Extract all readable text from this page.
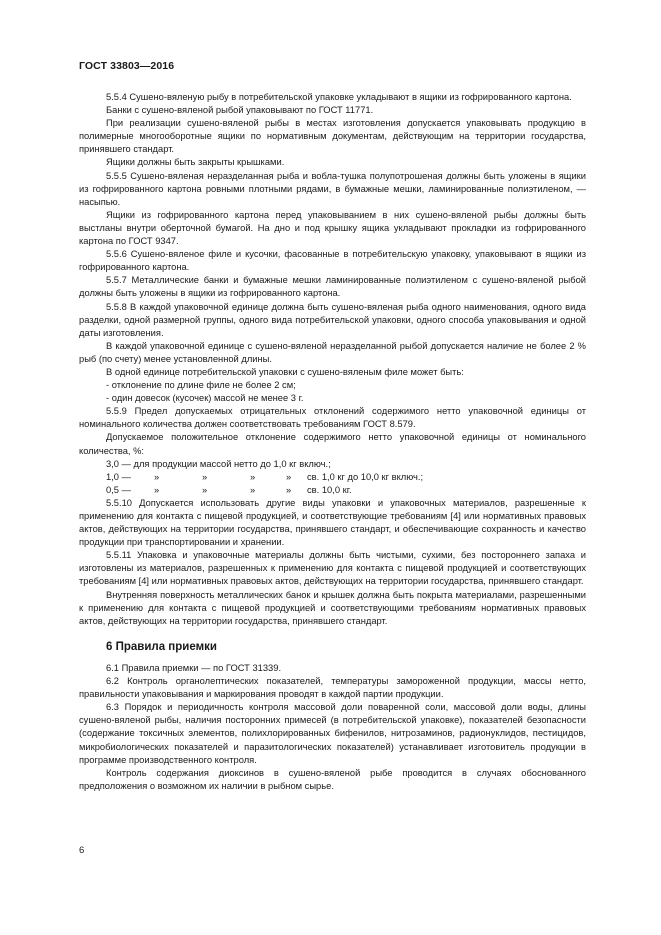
ГОСТ 33803—2016

5.5.4 Сушено-вяленую рыбу в потребительской упаковке укладывают в ящики из гофрированного картона.

Банки с сушено-вяленой рыбой упаковывают по ГОСТ 11771.

При реализации сушено-вяленой рыбы в местах изготовления допускается упаковывать продукцию в полимерные многооборотные ящики по нормативным документам, действующим на территории государства, принявшего стандарт.

Ящики должны быть закрыты крышками.

5.5.5 Сушено-вяленая неразделанная рыба и вобла-тушка полупотрошеная должны быть уложены в ящики из гофрированного картона ровными плотными рядами, в бумажные мешки, ламинированные полиэтиленом, — насыпью.

Ящики из гофрированного картона перед упаковыванием в них сушено-вяленой рыбы должны быть выстланы внутри оберточной бумагой. На дно и под крышку ящика укладывают прокладки из гофрированного картона по ГОСТ 9347.

5.5.6 Сушено-вяленое филе и кусочки, фасованные в потребительскую упаковку, упаковывают в ящики из гофрированного картона.

5.5.7 Металлические банки и бумажные мешки ламинированные полиэтиленом с сушено-вяленой рыбой должны быть уложены в ящики из гофрированного картона.

5.5.8 В каждой упаковочной единице должна быть сушено-вяленая рыба одного наименования, одного вида разделки, одной размерной группы, одного вида потребительской упаковки, одного способа упаковывания и одной даты изготовления.

В каждой упаковочной единице с сушено-вяленой неразделанной рыбой допускается наличие не более 2 % рыб (по счету) менее установленной длины.

В одной единице потребительской упаковки с сушено-вяленым филе может быть:

- отклонение по длине филе не более 2 см;

- один довесок (кусочек) массой не менее 3 г.

5.5.9 Предел допускаемых отрицательных отклонений содержимого нетто упаковочной единицы от номинального количества должен соответствовать требованиям ГОСТ 8.579.

Допускаемое положительное отклонение содержимого нетто упаковочной единицы от номинального количества, %:

3,0 — для продукции массой нетто до 1,0 кг включ.;

1,0 —	»	»	»	»	св. 1,0 кг до 10,0 кг включ.;
0,5 —	»	»	»	»	св. 10,0 кг.

5.5.10 Допускается использовать другие виды упаковки и упаковочных материалов, разрешенные к применению для контакта с пищевой продукцией, и соответствующие требованиям [4] или нормативных правовых актов, действующих на территории государства, принявшего стандарт, и обеспечивающие сохранность и качество продукции при транспортировании и хранении.

5.5.11 Упаковка и упаковочные материалы должны быть чистыми, сухими, без постороннего запаха и изготовлены из материалов, разрешенных к применению для контакта с пищевой продукцией и соответствующих требованиям [4] или нормативных правовых актов, действующих на территории государства, принявшего стандарт.

Внутренняя поверхность металлических банок и крышек должна быть покрыта материалами, разрешенными к применению для контакта с пищевой продукцией и соответствующими требованиям нормативных правовых актов, действующих на территории государства, принявшего стандарт.

6 Правила приемки

6.1 Правила приемки — по ГОСТ 31339.

6.2 Контроль органолептических показателей, температуры замороженной продукции, массы нетто, правильности упаковывания и маркирования проводят в каждой партии продукции.

6.3 Порядок и периодичность контроля массовой доли поваренной соли, массовой доли воды, длины сушено-вяленой рыбы, наличия посторонних примесей (в потребительской упаковке), показателей безопасности (содержание токсичных элементов, полихлорированных бифенилов, нитрозаминов, радионуклидов, пестицидов, микробиологических показателей и паразитологических показателей) устанавливает изготовитель продукции в программе производственного контроля.

Контроль содержания диоксинов в сушено-вяленой рыбе проводится в случаях обоснованного предположения о возможном их наличии в рыбном сырье.

6
